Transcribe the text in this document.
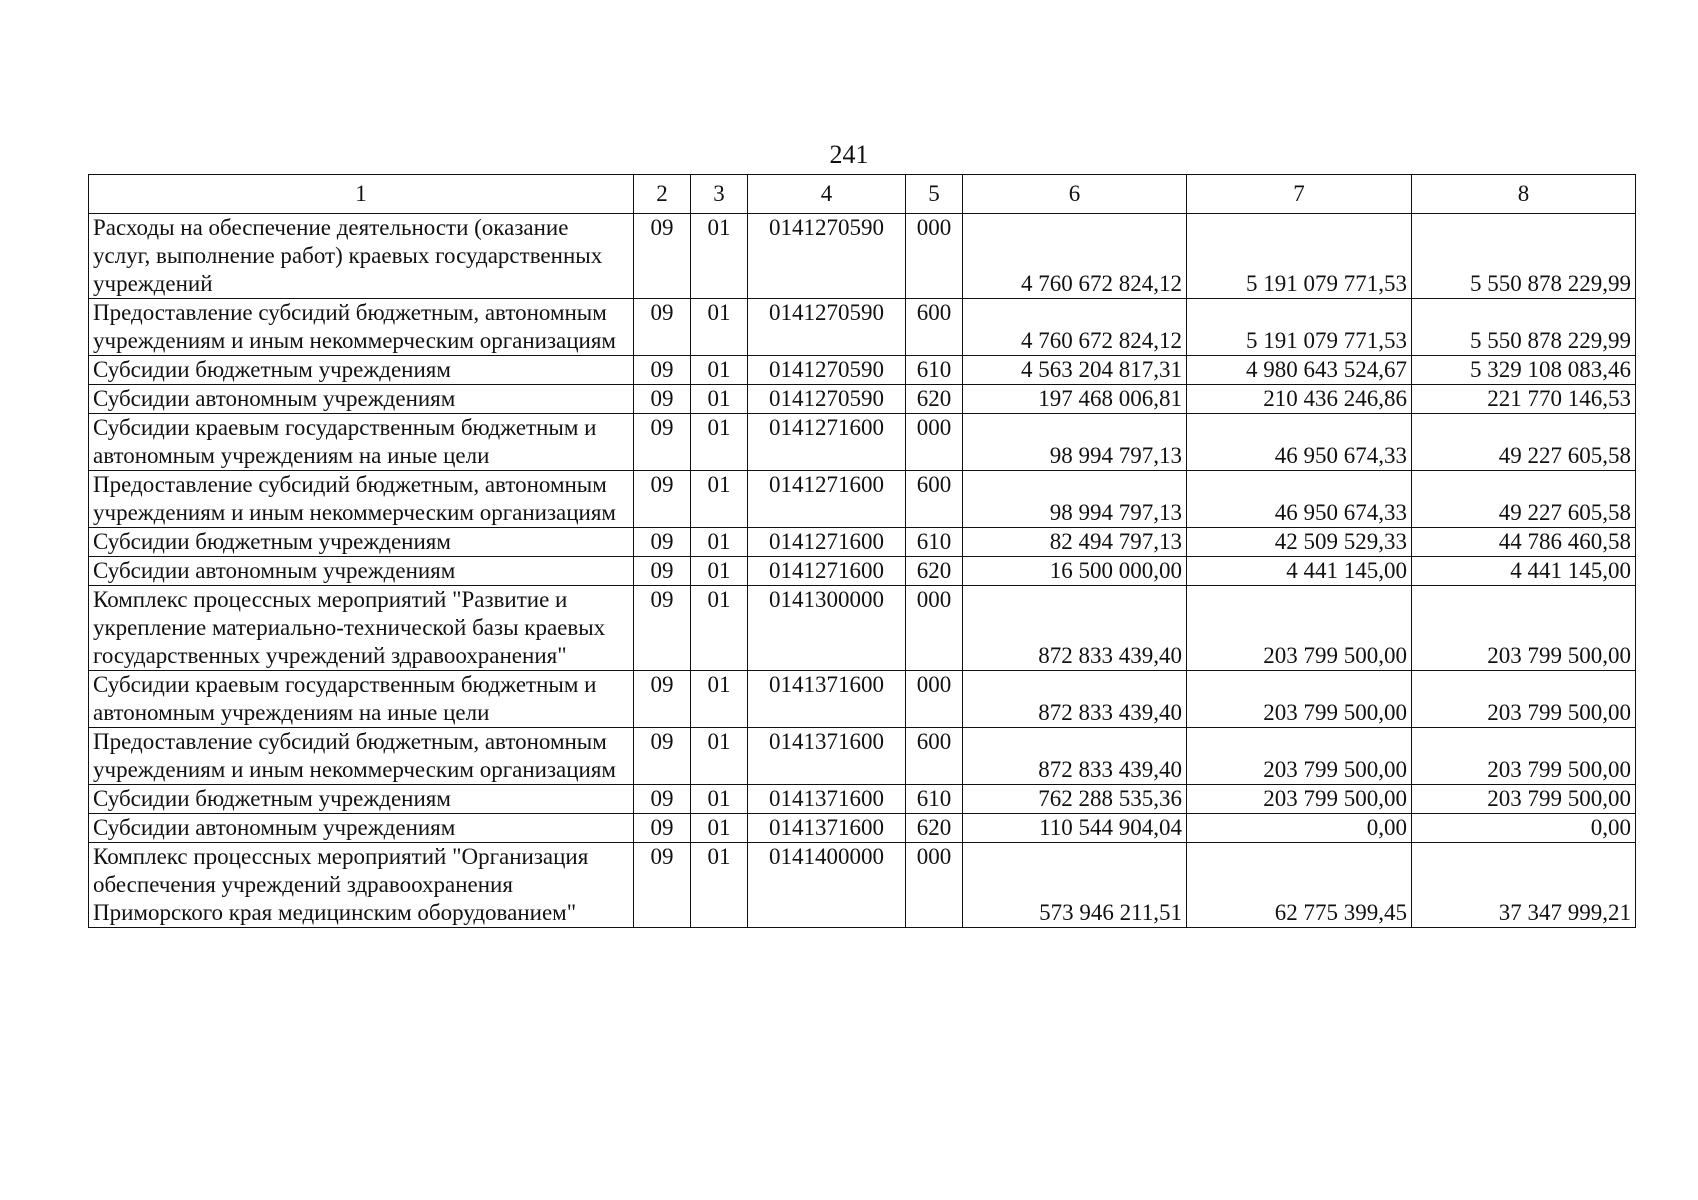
241
1	2	3	4	5	6	7	8
Расходы на обеспечение деятельности (оказание услуг, выполнение работ) краевых государственных учреждений	09	01	0141270590	000	4 760 672 824,12	5 191 079 771,53	5 550 878 229,99
Предоставление субсидий бюджетным, автономным учреждениям и иным некоммерческим организациям	09	01	0141270590	600	4 760 672 824,12	5 191 079 771,53	5 550 878 229,99
Субсидии бюджетным учреждениям	09	01	0141270590	610	4 563 204 817,31	4 980 643 524,67	5 329 108 083,46
Субсидии автономным учреждениям	09	01	0141270590	620	197 468 006,81	210 436 246,86	221 770 146,53
Субсидии краевым государственным бюджетным и автономным учреждениям на иные цели	09	01	0141271600	000	98 994 797,13	46 950 674,33	49 227 605,58
Предоставление субсидий бюджетным, автономным учреждениям и иным некоммерческим организациям	09	01	0141271600	600	98 994 797,13	46 950 674,33	49 227 605,58
Субсидии бюджетным учреждениям	09	01	0141271600	610	82 494 797,13	42 509 529,33	44 786 460,58
Субсидии автономным учреждениям	09	01	0141271600	620	16 500 000,00	4 441 145,00	4 441 145,00
Комплекс процессных мероприятий "Развитие и укрепление материально-технической базы краевых государственных учреждений здравоохранения"	09	01	0141300000	000	872 833 439,40	203 799 500,00	203 799 500,00
Субсидии краевым государственным бюджетным и автономным учреждениям на иные цели	09	01	0141371600	000	872 833 439,40	203 799 500,00	203 799 500,00
Предоставление субсидий бюджетным, автономным учреждениям и иным некоммерческим организациям	09	01	0141371600	600	872 833 439,40	203 799 500,00	203 799 500,00
Субсидии бюджетным учреждениям	09	01	0141371600	610	762 288 535,36	203 799 500,00	203 799 500,00
Субсидии автономным учреждениям	09	01	0141371600	620	110 544 904,04	0,00	0,00
Комплекс процессных мероприятий "Организация обеспечения учреждений здравоохранения Приморского края медицинским оборудованием"	09	01	0141400000	000	573 946 211,51	62 775 399,45	37 347 999,21
